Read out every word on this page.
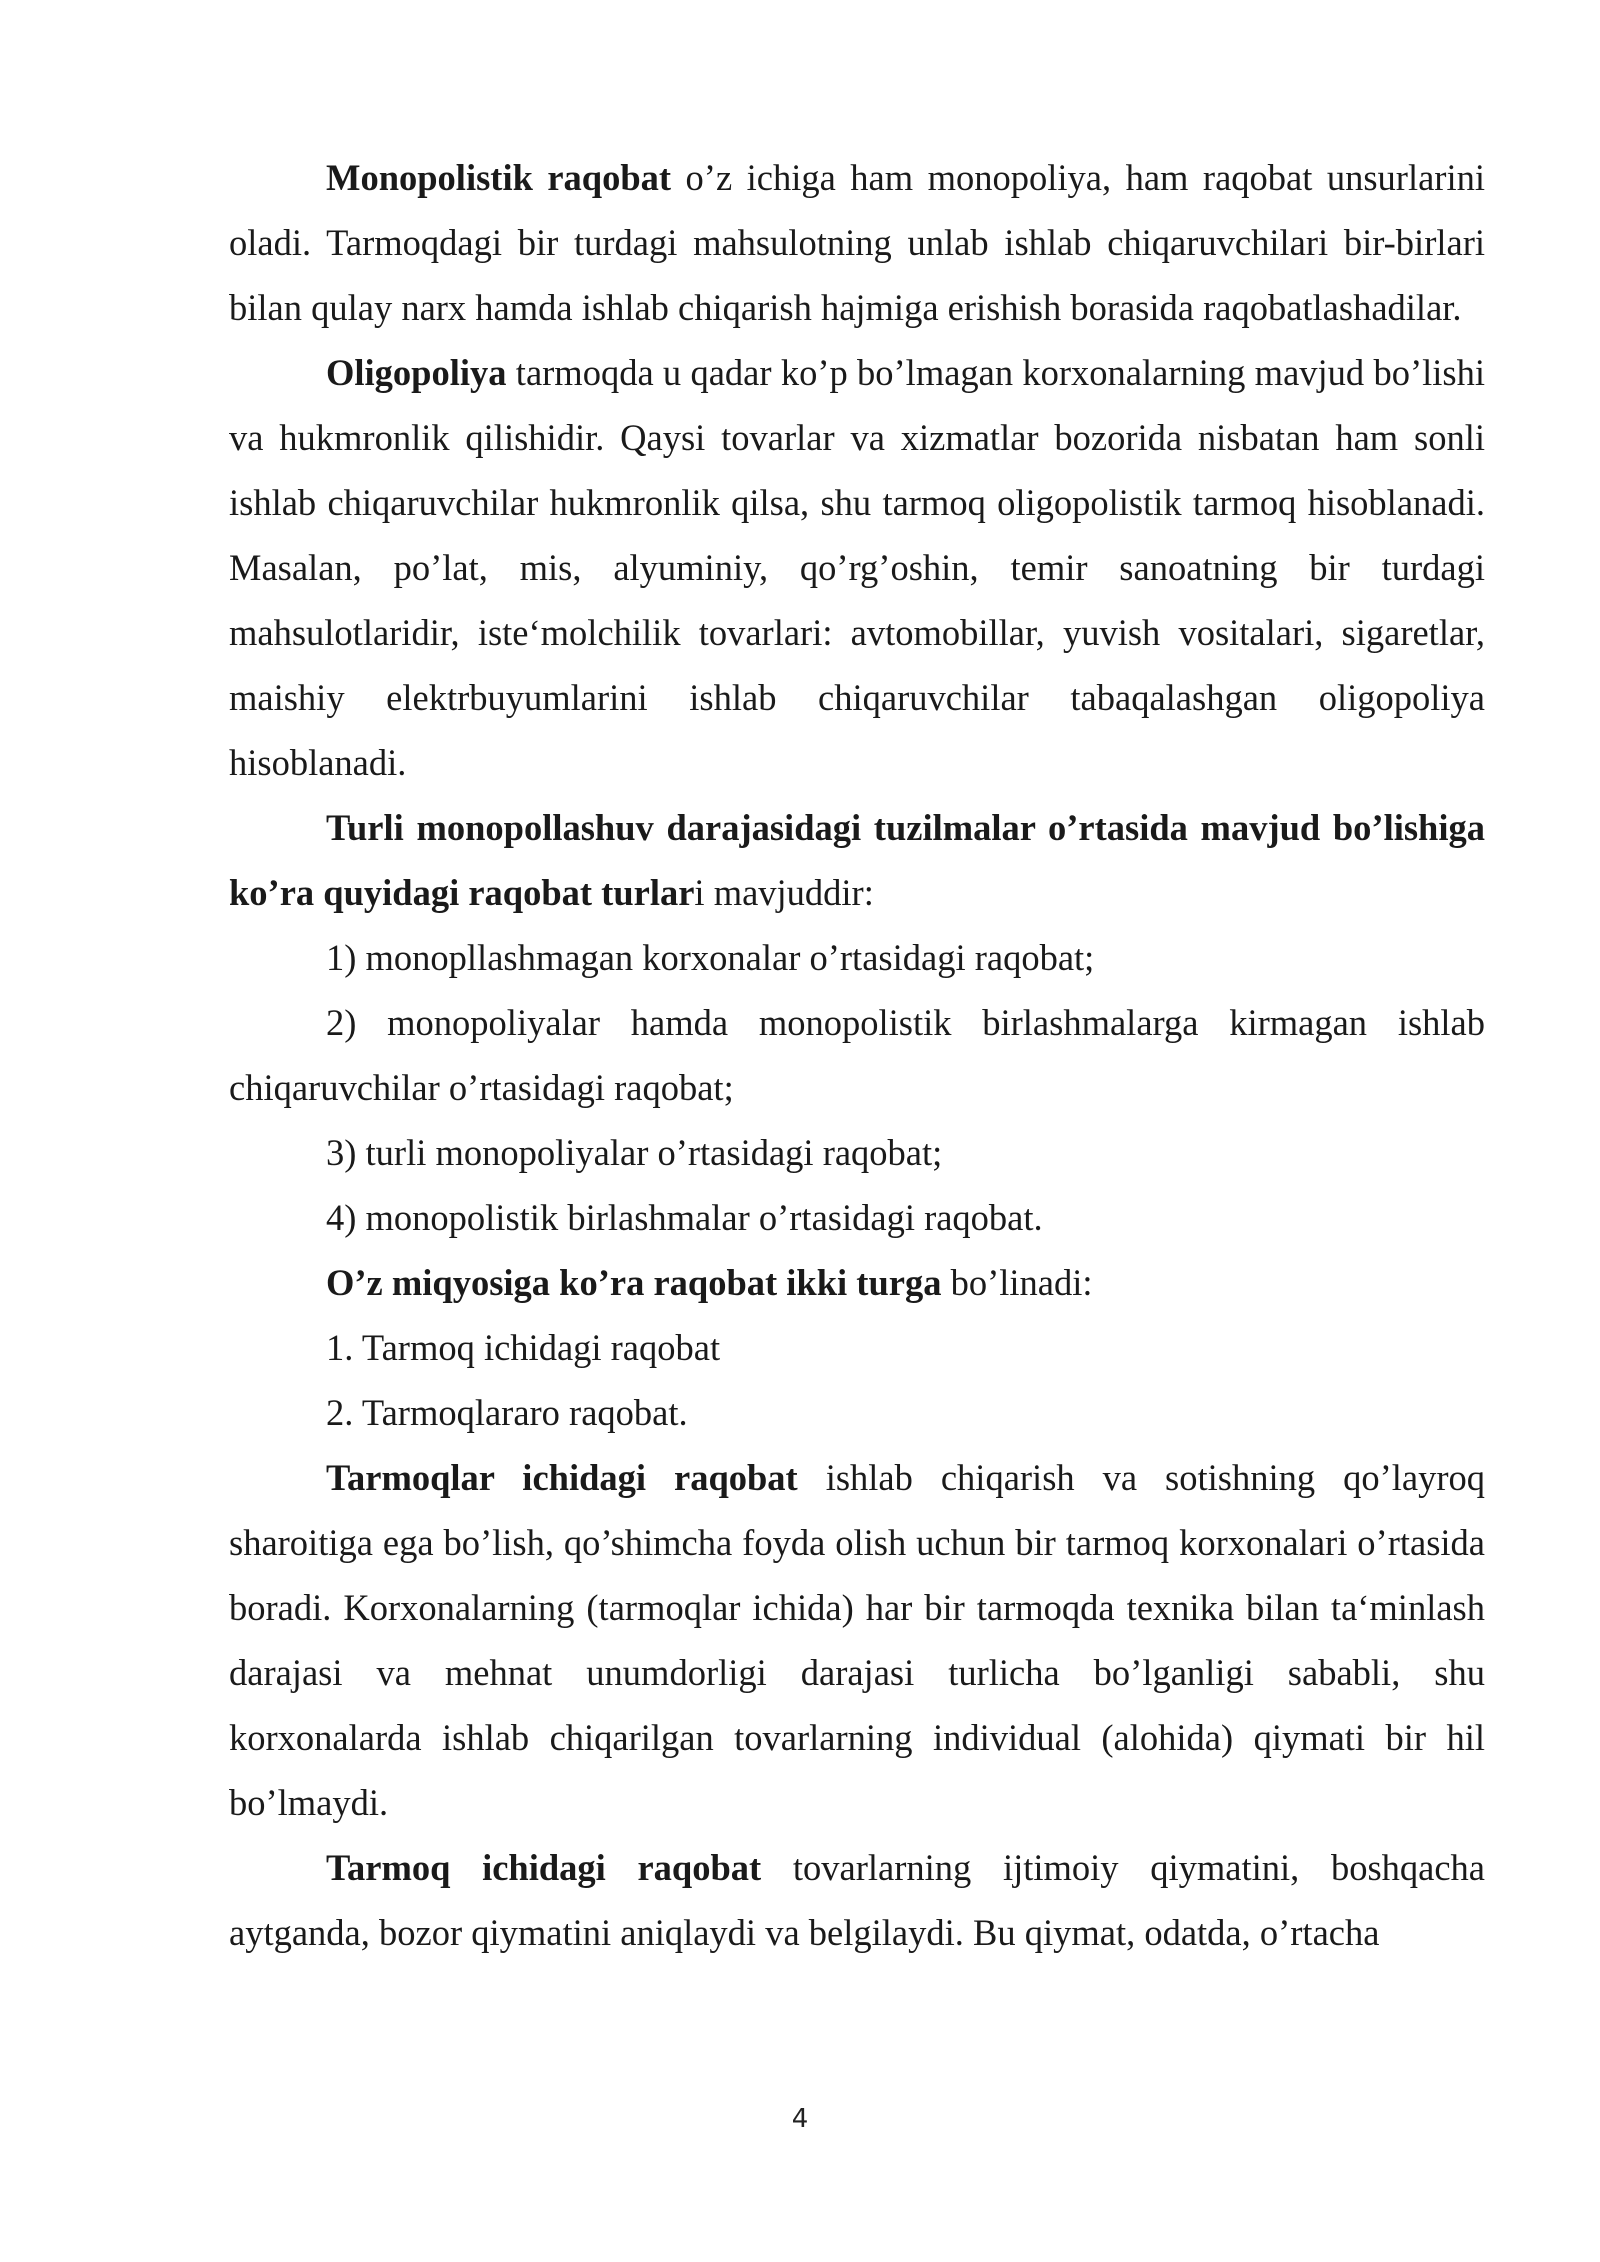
Monopolistik raqobat o’z ichiga ham monopoliya, ham raqobat unsurlarini oladi. Tarmoqdagi bir turdagi mahsulotning unlab ishlab chiqaruvchilari bir-birlari bilan qulay narx hamda ishlab chiqarish hajmiga erishish borasida raqobatlashadilar.

Oligopoliya tarmoqda u qadar ko’p bo’lmagan korxonalarning mavjud bo’lishi va hukmronlik qilishidir. Qaysi tovarlar va xizmatlar bozorida nisbatan ham sonli ishlab chiqaruvchilar hukmronlik qilsa, shu tarmoq oligopolistik tarmoq hisoblanadi. Masalan, po’lat, mis, alyuminiy, qo’rg’oshin, temir sanoatning bir turdagi mahsulotlaridir, iste‘molchilik tovarlari: avtomobillar, yuvish vositalari, sigaretlar, maishiy elektrbuyumlarini ishlab chiqaruvchilar tabaqalashgan oligopoliya hisoblanadi.

Turli monopollashuv darajasidagi tuzilmalar o’rtasida mavjud bo’lishiga ko’ra quyidagi raqobat turlari mavjuddir:

1) monopllashmagan korxonalar o’rtasidagi raqobat;

2) monopoliyalar hamda monopolistik birlashmalarga kirmagan ishlab chiqaruvchilar o’rtasidagi raqobat;

3) turli monopoliyalar o’rtasidagi raqobat;

4) monopolistik birlashmalar o’rtasidagi raqobat.

O’z miqyosiga ko’ra raqobat ikki turga bo’linadi:

1. Tarmoq ichidagi raqobat

2. Tarmoqlararo raqobat.

Tarmoqlar ichidagi raqobat ishlab chiqarish va sotishning qo’layroq sharoitiga ega bo’lish, qo’shimcha foyda olish uchun bir tarmoq korxonalari o’rtasida boradi. Korxonalarning (tarmoqlar ichida) har bir tarmoqda texnika bilan ta‘minlash darajasi va mehnat unumdorligi darajasi turlicha bo’lganligi sababli, shu korxonalarda ishlab chiqarilgan tovarlarning individual (alohida) qiymati bir hil bo’lmaydi.

Tarmoq ichidagi raqobat tovarlarning ijtimoiy qiymatini, boshqacha aytganda, bozor qiymatini aniqlaydi va belgilaydi. Bu qiymat, odatda, o’rtacha

4
